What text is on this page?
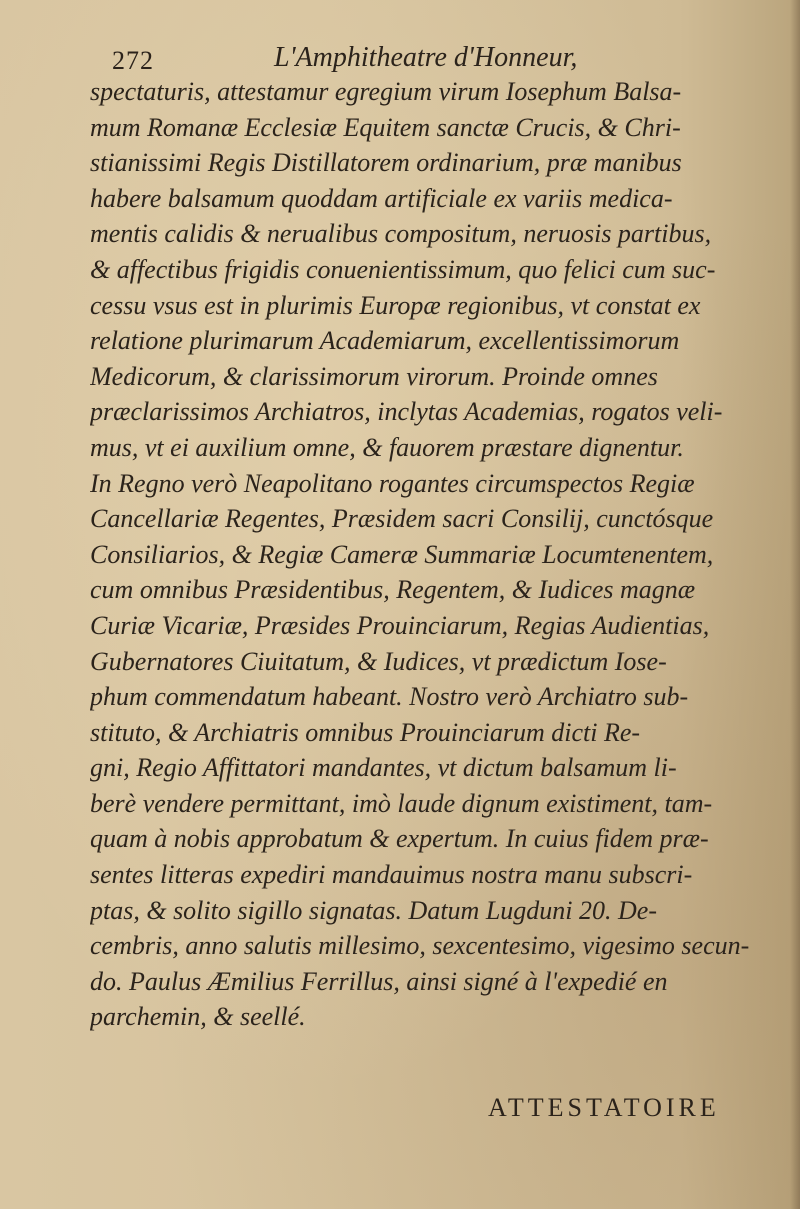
272	L'Amphitheatre d'Honneur,
spectaturis, attestamur egregium virum Iosephum Balsa-
mum Romanæ Ecclesiæ Equitem sanctæ Crucis, & Chri-
stianissimi Regis Distillatorem ordinarium, præ manibus
habere balsamum quoddam artificiale ex variis medica-
mentis calidis & nerualibus compositum, neruosis partibus,
& affectibus frigidis conuenientissimum, quo felici cum suc-
cessu vsus est in plurimis Europæ regionibus, vt constat ex
relatione plurimarum Academiarum, excellentissimorum
Medicorum, & clarissimorum virorum. Proinde omnes
præclarissimos Archiatros, inclytas Academias, rogatos veli-
mus, vt ei auxilium omne, & fauorem præstare dignentur.
In Regno verò Neapolitano rogantes circumspectos Regiæ
Cancellariæ Regentes, Præsidem sacri Consilij, cunctósque
Consiliarios, & Regiæ Cameræ Summariæ Locumtenentem,
cum omnibus Præsidentibus, Regentem, & Iudices magnæ
Curiæ Vicariæ, Præsides Prouinciarum, Regias Audientias,
Gubernatores Ciuitatum, & Iudices, vt prædictum Iose-
phum commendatum habeant. Nostro verò Archiatro sub-
stituto, & Archiatris omnibus Prouinciarum dicti Re-
gni, Regio Affittatori mandantes, vt dictum balsamum li-
berè vendere permittant, imò laude dignum existiment, tam-
quam à nobis approbatum & expertum. In cuius fidem præ-
sentes litteras expediri mandauimus nostra manu subscri-
ptas, & solito sigillo signatas. Datum Lugduni 20. De-
cembris, anno salutis millesimo, sexcentesimo, vigesimo secun-
do. Paulus Æmilius Ferrillus, ainsi signé à l'expedié en
parchemin, & seellé.
ATTESTATOIRE
